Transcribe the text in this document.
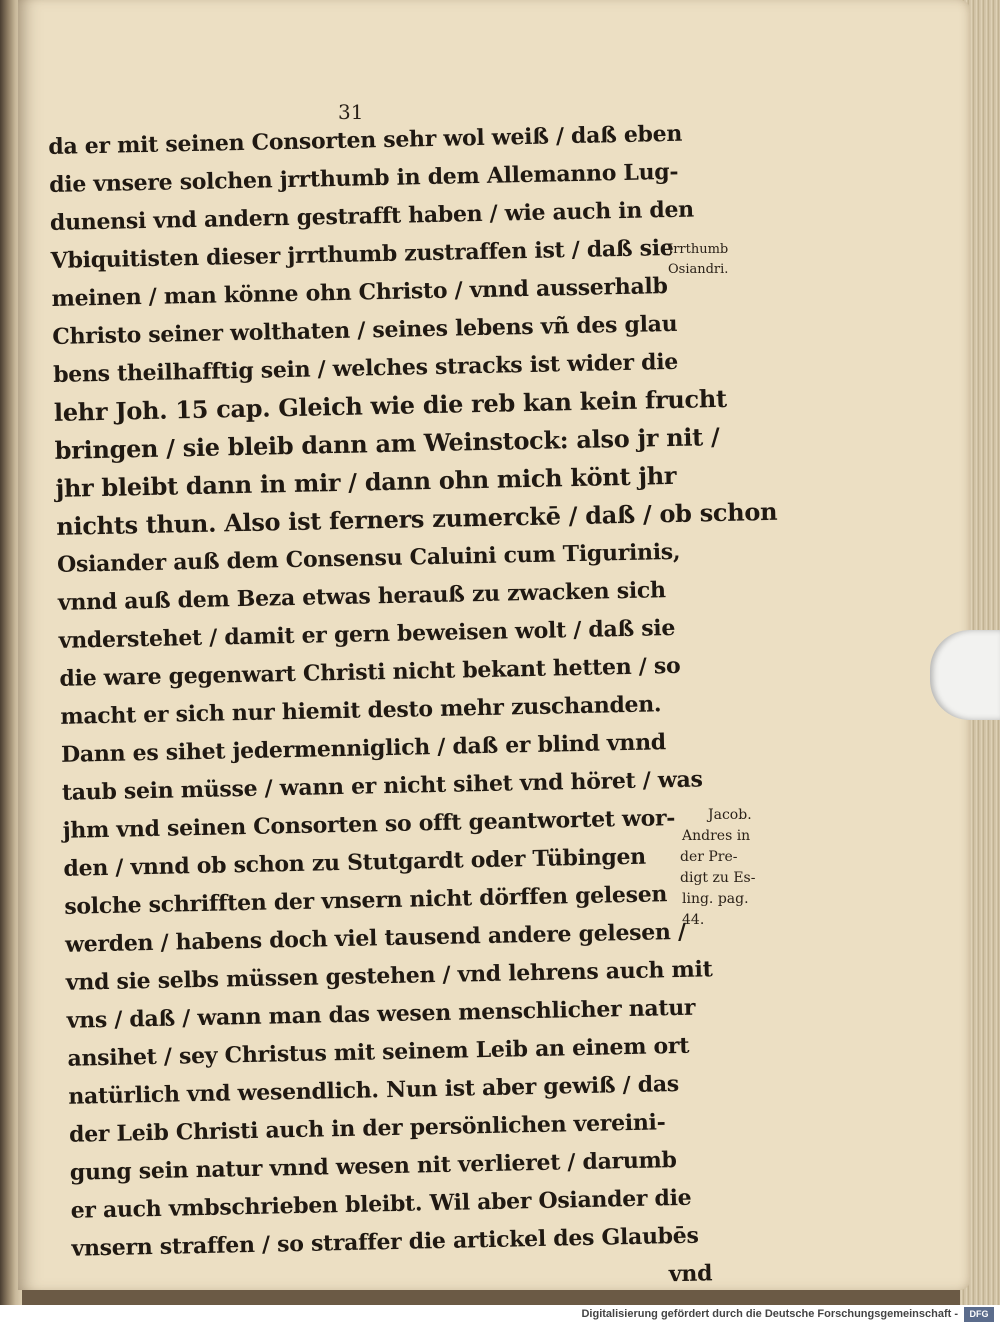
31
da er mit seinen Consorten sehr wol weiß / daß eben
die vnsere solchen jrrthumb in dem Allemanno Lug-
dunensi vnd andern gestrafft haben / wie auch in den
Vbiquitisten dieser jrrthumb zustraffen ist / daß sie
meinen / man könne ohn Christo / vnnd ausserhalb
Christo seiner wolthaten / seines lebens vñ des glau
bens theilhafftig sein / welches stracks ist wider die
lehr Joh. 15 cap. Gleich wie die reb kan kein frucht
bringen / sie bleib dann am Weinstock: also jr nit /
jhr bleibt dann in mir / dann ohn mich könt jhr
nichts thun. Also ist ferners zumerckē / daß / ob schon
Osiander auß dem Consensu Caluini cum Tigurinis,
vnnd auß dem Beza etwas herauß zu zwacken sich
vnderstehet / damit er gern beweisen wolt / daß sie
die ware gegenwart Christi nicht bekant hetten / so
macht er sich nur hiemit desto mehr zuschanden.
Dann es sihet jedermenniglich / daß er blind vnnd
taub sein müsse / wann er nicht sihet vnd höret / was
jhm vnd seinen Consorten so offt geantwortet wor-
den / vnnd ob schon zu Stutgardt oder Tübingen
solche schrifften der vnsern nicht dörffen gelesen
werden / habens doch viel tausend andere gelesen /
vnd sie selbs müssen gestehen / vnd lehrens auch mit
vns / daß / wann man das wesen menschlicher natur
ansihet / sey Christus mit seinem Leib an einem ort
natürlich vnd wesendlich. Nun ist aber gewiß / das
der Leib Christi auch in der persönlichen vereini-
gung sein natur vnnd wesen nit verlieret / darumb
er auch vmbschrieben bleibt. Wil aber Osiander die
vnsern straffen / so straffer die artickel des Glaubēs
vnd
Jrrthumb
Osiandri.
Jacob.
Andres in
der Pre-
digt zu Es-
ling. pag.
44.
Digitalisierung gefördert durch die Deutsche Forschungsgemeinschaft -	DFG
